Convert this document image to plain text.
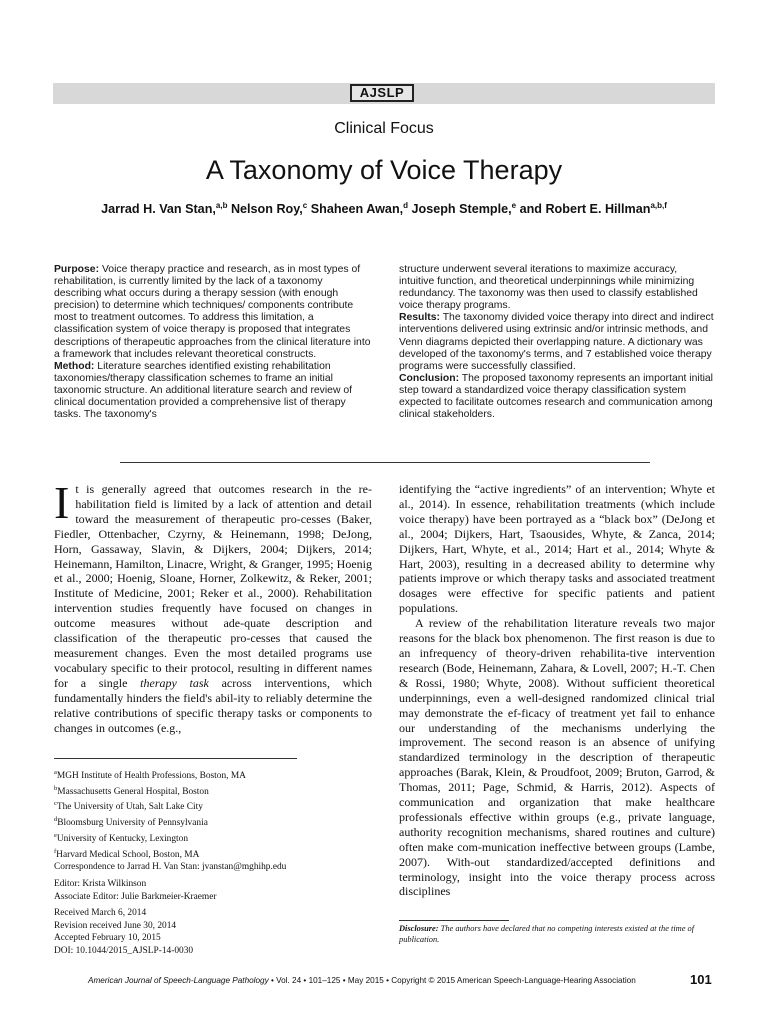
AJSLP
Clinical Focus
A Taxonomy of Voice Therapy
Jarrad H. Van Stan,$^{a,b}$ Nelson Roy,$^c$ Shaheen Awan,$^d$ Joseph Stemple,$^e$ and Robert E. Hillman$^{a,b,f}$

Purpose: Voice therapy practice and research, as in most types of rehabilitation, is currently limited by the lack of a taxonomy describing what occurs during a therapy session (with enough precision) to determine which techniques/ components contribute most to treatment outcomes. To address this limitation, a classification system of voice therapy is proposed that integrates descriptions of therapeutic approaches from the clinical literature into a framework that includes relevant theoretical constructs.

Method: Literature searches identified existing rehabilitation taxonomies/therapy classification schemes to frame an initial taxonomic structure. An additional literature search and review of clinical documentation provided a comprehensive list of therapy tasks. The taxonomy's

structure underwent several iterations to maximize accuracy, intuitive function, and theoretical underpinnings while minimizing redundancy. The taxonomy was then used to classify established voice therapy programs.

Results: The taxonomy divided voice therapy into direct and indirect interventions delivered using extrinsic and/or intrinsic methods, and Venn diagrams depicted their overlapping nature. A dictionary was developed of the taxonomy's terms, and 7 established voice therapy programs were successfully classified.

Conclusion: The proposed taxonomy represents an important initial step toward a standardized voice therapy classification system expected to facilitate outcomes research and communication among clinical stakeholders.

It is generally agreed that outcomes research in the re-habilitation field is limited by a lack of attention and detail toward the measurement of therapeutic pro-cesses (Baker, Fiedler, Ottenbacher, Czyrny, & Heinemann, 1998; DeJong, Horn, Gassaway, Slavin, & Dijkers, 2004; Dijkers, 2014; Heinemann, Hamilton, Linacre, Wright, & Granger, 1995; Hoenig et al., 2000; Hoenig, Sloane, Horner, Zolkewitz, & Reker, 2001; Institute of Medicine, 2001; Reker et al., 2000). Rehabilitation intervention studies frequently have focused on changes in outcome measures without ade-quate description and classification of the therapeutic pro-cesses that caused the measurement changes. Even the most detailed programs use vocabulary specific to their protocol, resulting in different names for a single therapy task across interventions, which fundamentally hinders the field's abil-ity to reliably determine the relative contributions of specific therapy tasks or components to changes in outcomes (e.g.,

identifying the “active ingredients” of an intervention; Whyte et al., 2014). In essence, rehabilitation treatments (which include voice therapy) have been portrayed as a “black box” (DeJong et al., 2004; Dijkers, Hart, Tsaousides, Whyte, & Zanca, 2014; Dijkers, Hart, Whyte, et al., 2014; Hart et al., 2014; Whyte & Hart, 2003), resulting in a decreased ability to determine why patients improve or which therapy tasks and associated treatment dosages were effective for specific patients and patient populations.

A review of the rehabilitation literature reveals two major reasons for the black box phenomenon. The first reason is due to an infrequency of theory-driven rehabilita-tive intervention research (Bode, Heinemann, Zahara, & Lovell, 2007; H.-T. Chen & Rossi, 1980; Whyte, 2008). Without sufficient theoretical underpinnings, even a well-designed randomized clinical trial may demonstrate the ef-ficacy of treatment yet fail to enhance our understanding of the mechanisms underlying the improvement. The second reason is an absence of unifying standardized terminology in the description of therapeutic approaches (Barak, Klein, & Proudfoot, 2009; Bruton, Garrod, & Thomas, 2011; Page, Schmid, & Harris, 2012). Aspects of communication and organization that make healthcare professionals effective within groups (e.g., private language, authority recognition mechanisms, shared routines and culture) often make com-munication ineffective between groups (Lambe, 2007). With-out standardized/accepted definitions and terminology, insight into the voice therapy process across disciplines

$^a$MGH Institute of Health Professions, Boston, MA
$^b$Massachusetts General Hospital, Boston
$^c$The University of Utah, Salt Lake City
$^d$Bloomsburg University of Pennsylvania
$^e$University of Kentucky, Lexington
$^f$Harvard Medical School, Boston, MA
Correspondence to Jarrad H. Van Stan: jvanstan@mghihp.edu
Editor: Krista Wilkinson
Associate Editor: Julie Barkmeier-Kraemer
Received March 6, 2014
Revision received June 30, 2014
Accepted February 10, 2015
DOI: 10.1044/2015_AJSLP-14-0030
Disclosure: The authors have declared that no competing interests existed at the time of publication.
American Journal of Speech-Language Pathology • Vol. 24 • 101–125 • May 2015 • Copyright © 2015 American Speech-Language-Hearing Association	101
